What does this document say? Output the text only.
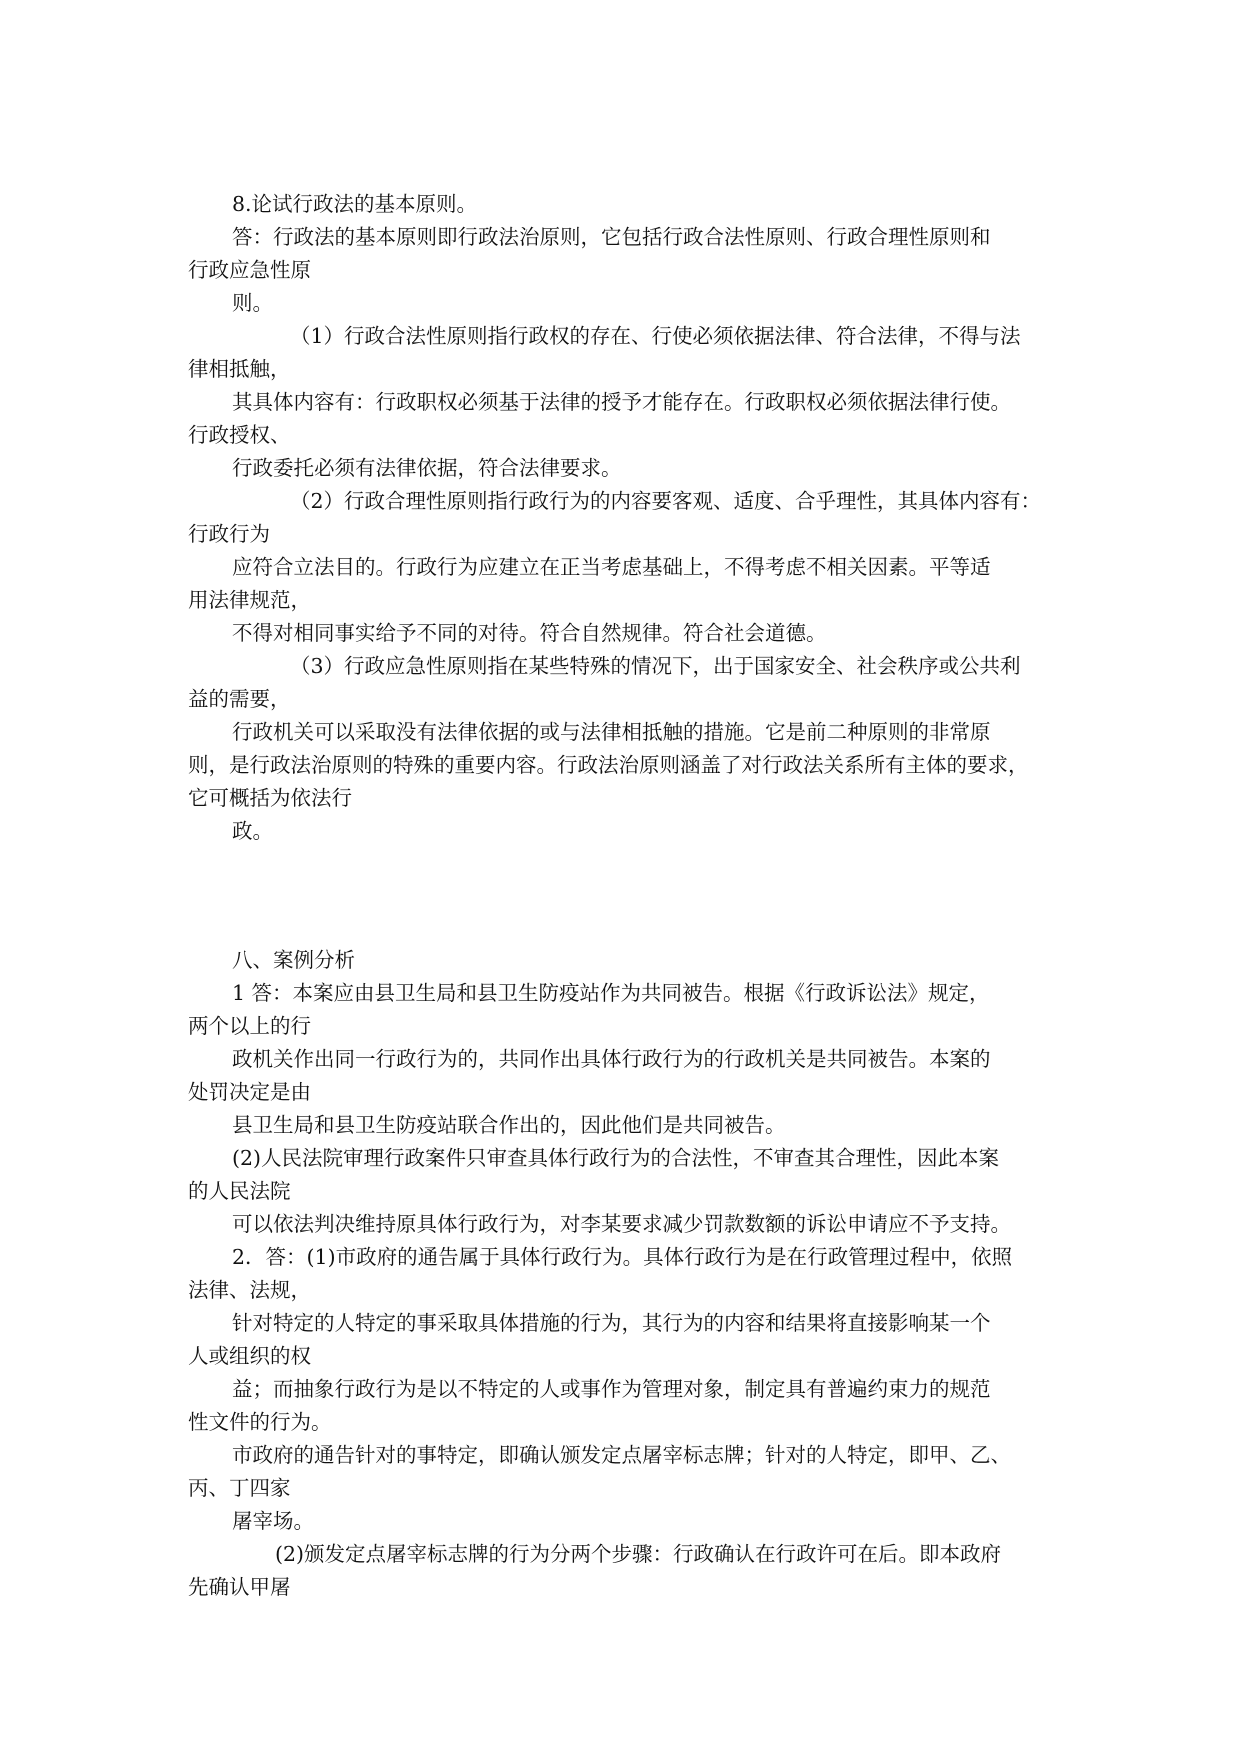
8.论试行政法的基本原则。
答：行政法的基本原则即行政法治原则，它包括行政合法性原则、行政合理性原则和
行政应急性原
则。
（1）行政合法性原则指行政权的存在、行使必须依据法律、符合法律，不得与法
律相抵触，
其具体内容有：行政职权必须基于法律的授予才能存在。行政职权必须依据法律行使。
行政授权、
行政委托必须有法律依据，符合法律要求。
（2）行政合理性原则指行政行为的内容要客观、适度、合乎理性，其具体内容有：
行政行为
应符合立法目的。行政行为应建立在正当考虑基础上，不得考虑不相关因素。平等适
用法律规范，
不得对相同事实给予不同的对待。符合自然规律。符合社会道德。
（3）行政应急性原则指在某些特殊的情况下，出于国家安全、社会秩序或公共利
益的需要，
行政机关可以采取没有法律依据的或与法律相抵触的措施。它是前二种原则的非常原
则，是行政法治原则的特殊的重要内容。行政法治原则涵盖了对行政法关系所有主体的要求，
它可概括为依法行
政。
八、案例分析
1 答：本案应由县卫生局和县卫生防疫站作为共同被告。根据《行政诉讼法》规定，
两个以上的行
政机关作出同一行政行为的，共同作出具体行政行为的行政机关是共同被告。本案的
处罚决定是由
县卫生局和县卫生防疫站联合作出的，因此他们是共同被告。
(2)人民法院审理行政案件只审查具体行政行为的合法性，不审查其合理性，因此本案
的人民法院
可以依法判决维持原具体行政行为，对李某要求减少罚款数额的诉讼申请应不予支持。
2．答：(1)市政府的通告属于具体行政行为。具体行政行为是在行政管理过程中，依照
法律、法规，
针对特定的人特定的事采取具体措施的行为，其行为的内容和结果将直接影响某一个
人或组织的权
益；而抽象行政行为是以不特定的人或事作为管理对象，制定具有普遍约束力的规范
性文件的行为。
市政府的通告针对的事特定，即确认颁发定点屠宰标志牌；针对的人特定，即甲、乙、
丙、丁四家
屠宰场。
(2)颁发定点屠宰标志牌的行为分两个步骤：行政确认在行政许可在后。即本政府
先确认甲屠
